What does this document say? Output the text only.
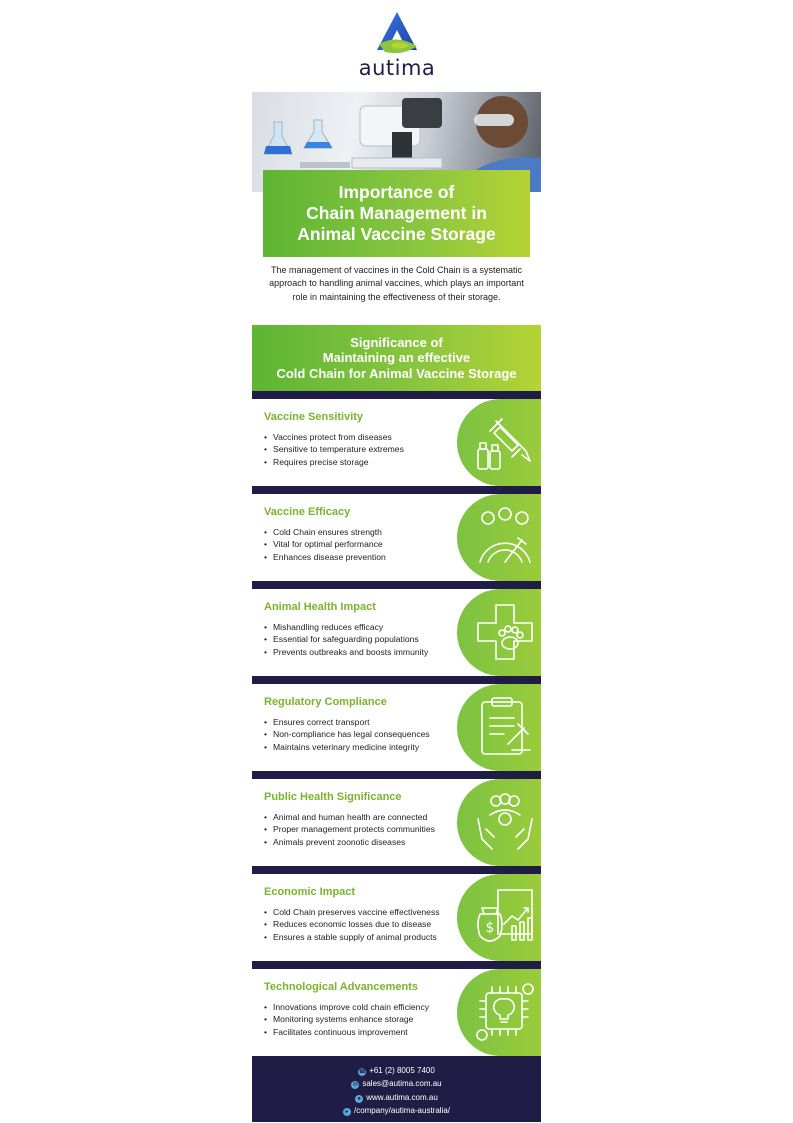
autima
Importance of
Chain Management in
Animal Vaccine Storage
The management of vaccines in the Cold Chain is a systematic approach to handling animal vaccines, which plays an important role in maintaining the effectiveness of their storage.
Significance of
Maintaining an effective
Cold Chain for Animal Vaccine Storage
Vaccine Sensitivity
• Vaccines protect from diseases
• Sensitive to temperature extremes
• Requires precise storage
Vaccine Efficacy
• Cold Chain ensures strength
• Vital for optimal performance
• Enhances disease prevention
Animal Health Impact
• Mishandling reduces efficacy
• Essential for safeguarding populations
• Prevents outbreaks and boosts immunity
Regulatory Compliance
• Ensures correct transport
• Non-compliance has legal consequences
• Maintains veterinary medicine integrity
Public Health Significance
• Animal and human health are connected
• Proper management protects communities
• Animals prevent zoonotic diseases
$
Economic Impact
• Cold Chain preserves vaccine effectiveness
• Reduces economic losses due to disease
• Ensures a stable supply of animal products
Technological Advancements
• Innovations improve cold chain efficiency
• Monitoring systems enhance storage
• Facilitates continuous improvement
☎ +61 (2) 8005 7400
✉ sales@autima.com.au
● www.autima.com.au
▸ /company/autima-australia/
